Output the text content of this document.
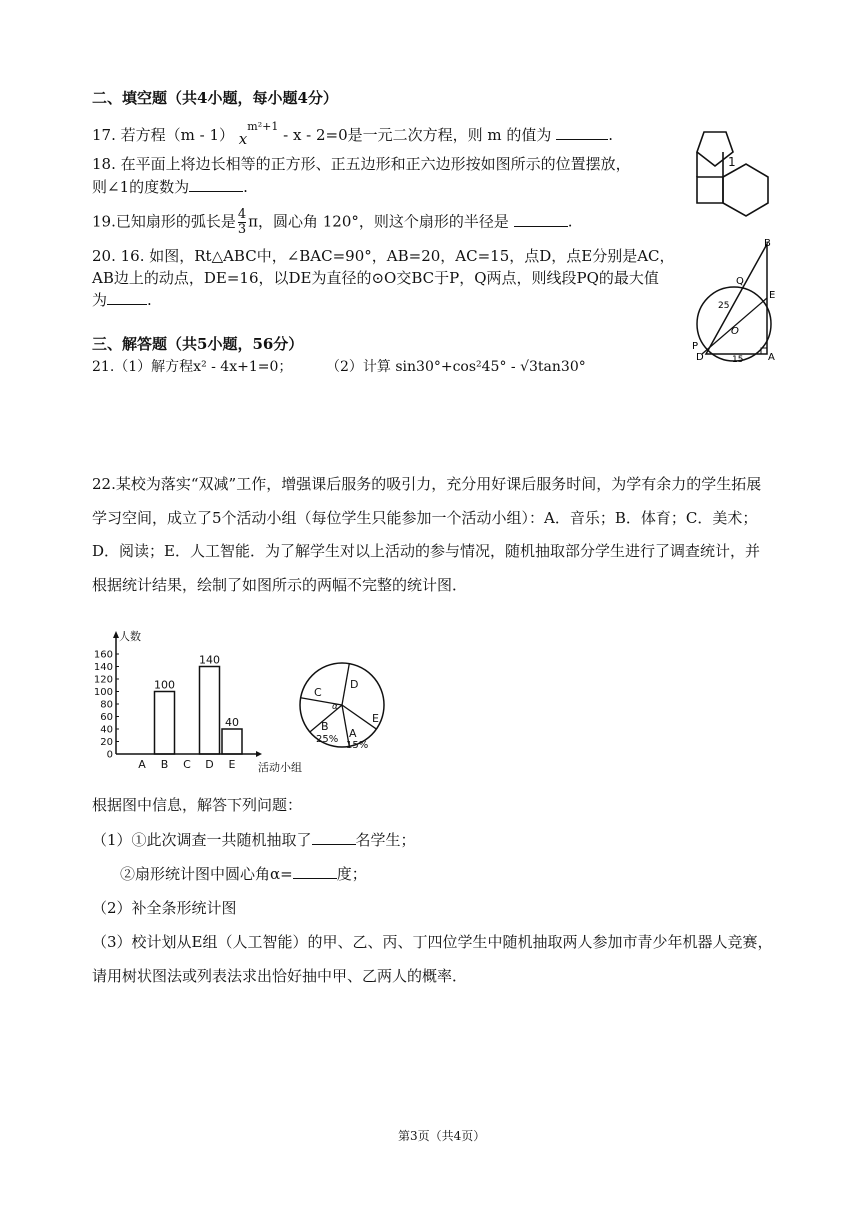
二、填空题（共4小题，每小题4分）
17. 若方程（m - 1） $x^{m^2+1} - x - 2=0$是一元二次方程，则 m 的值为	.
18. 在平面上将边长相等的正方形、正五边形和正六边形按如图所示的位置摆放，
则∠1的度数为	.
1
19.已知扇形的弧长是 $\frac{4}{3}$ π，圆心角 120°，则这个扇形的半径是	.
20. 16. 如图，Rt△ABC中，∠BAC=90°，AB=20，AC=15，点D，点E分别是AC，
AB边上的动点，DE=16，以DE为直径的⊙O交BC于P，Q两点，则线段PQ的最大值
为	.
B
Q
E
O
25
P
D	15 A
三、解答题（共5小题，56分）
21.（1）解方程x² - 4x+1=0； （2）计算 sin30°+cos²45° - √3tan30°
22.某校为落实“双减”工作，增强课后服务的吸引力，充分用好课后服务时间，为学有余力的学生拓展
学习空间，成立了5个活动小组（每位学生只能参加一个活动小组）：A．音乐；B．体育；C．美术；
D．阅读；E．人工智能．为了解学生对以上活动的参与情况，随机抽取部分学生进行了调查统计，并
根据统计结果，绘制了如图所示的两幅不完整的统计图．
人数
活动小组
0
20
40
60
80
100
120
140
160
A B
100
C D
140
E
40
D
C
α
E
B
25% A
15%
根据图中信息，解答下列问题：
（1）①此次调查一共随机抽取了	名学生；
②扇形统计图中圆心角α=	度；
（2）补全条形统计图
（3）校计划从E组（人工智能）的甲、乙、丙、丁四位学生中随机抽取两人参加市青少年机器人竞赛，
请用树状图法或列表法求出恰好抽中甲、乙两人的概率．
第3页（共4页）
